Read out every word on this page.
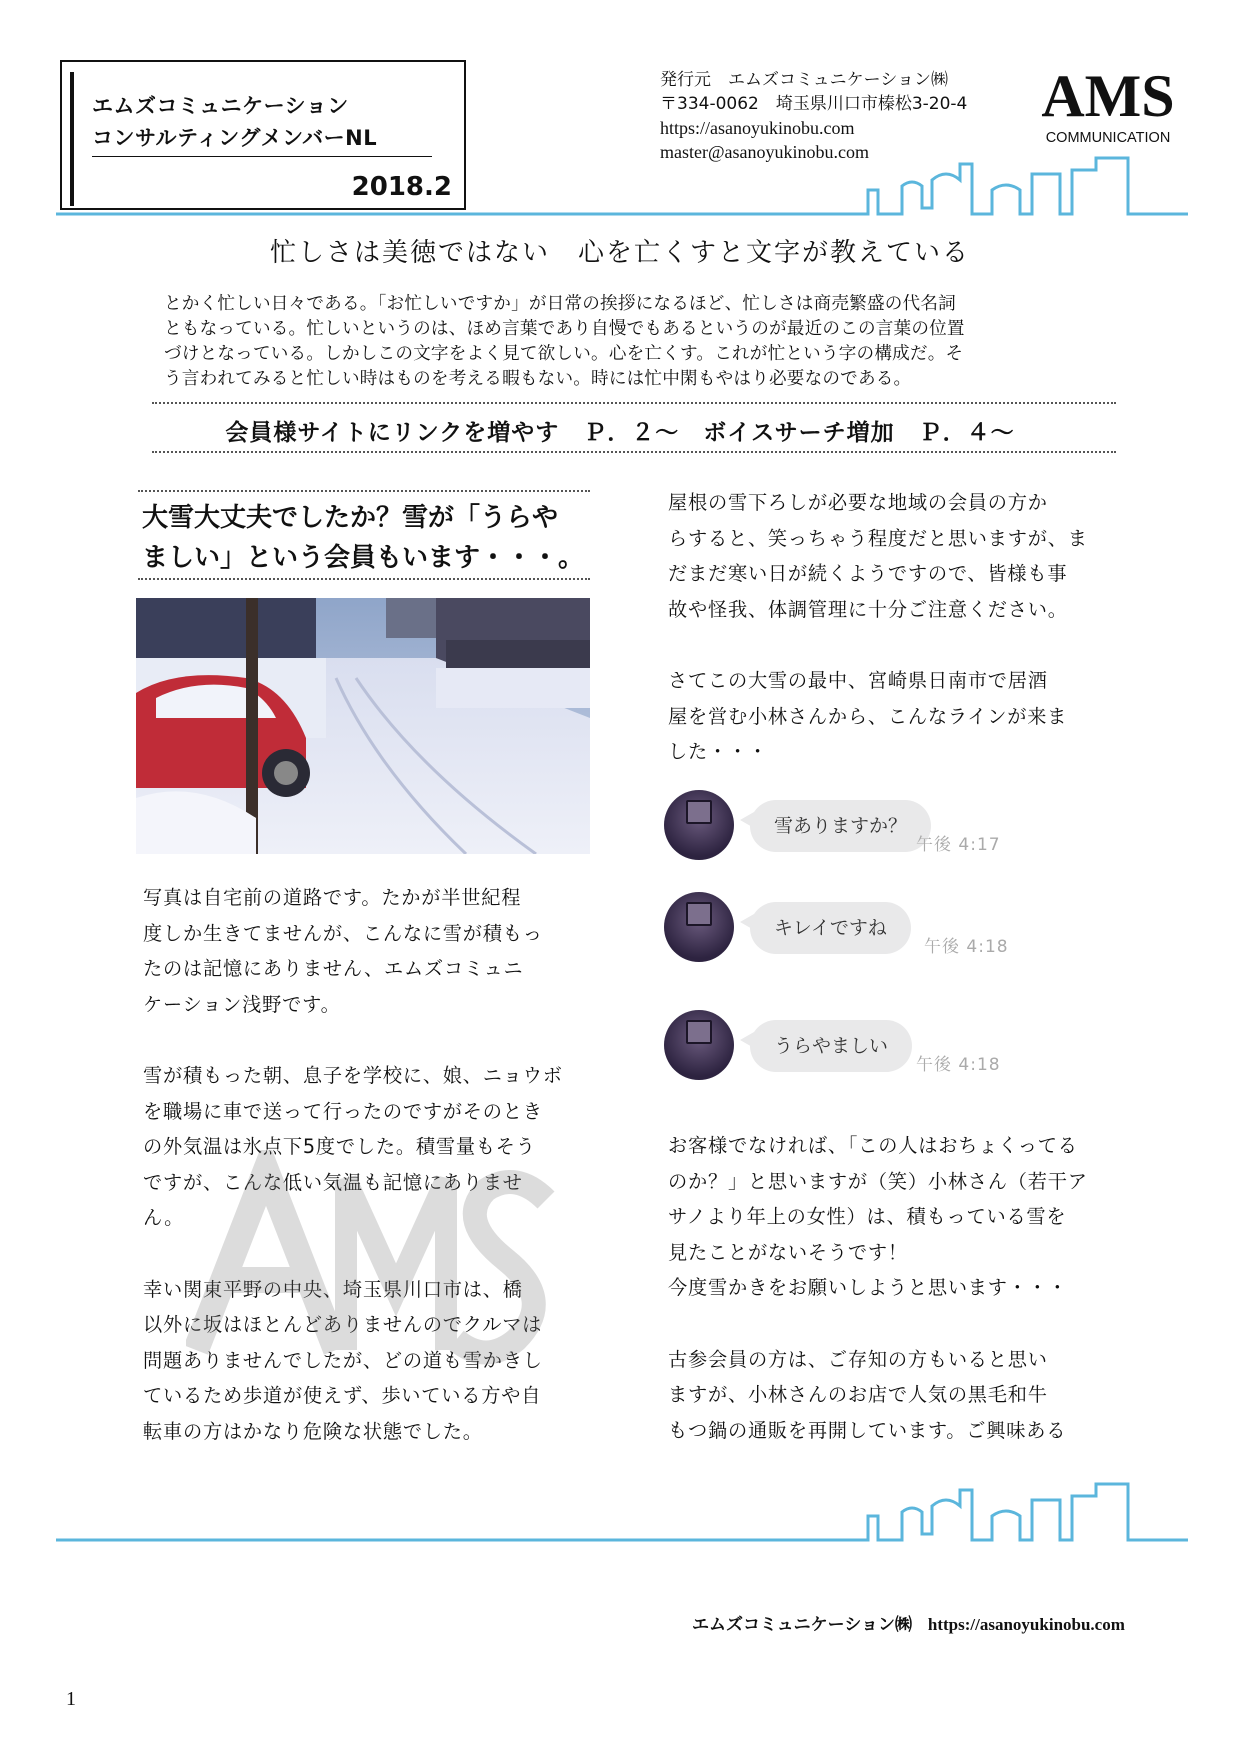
エムズコミュニケーション
コンサルティングメンバーNL
2018.2
発行元　エムズコミュニケーション㈱
〒334-0062　埼玉県川口市榛松3-20-4
https://asanoyukinobu.com
master@asanoyukinobu.com
AMS
COMMUNICATION
忙しさは美徳ではない　心を亡くすと文字が教えている
とかく忙しい日々である。「お忙しいですか」が日常の挨拶になるほど、忙しさは商売繁盛の代名詞
ともなっている。忙しいというのは、ほめ言葉であり自慢でもあるというのが最近のこの言葉の位置
づけとなっている。しかしこの文字をよく見て欲しい。心を亡くす。これが忙という字の構成だ。そ
う言われてみると忙しい時はものを考える暇もない。時には忙中閑もやはり必要なのである。
会員様サイトにリンクを増やす　Ｐ．２～　ボイスサーチ増加　Ｐ．４～
大雪大丈夫でしたか？雪が「うらや
ましい」という会員もいます・・・。
写真は自宅前の道路です。たかが半世紀程
度しか生きてませんが、こんなに雪が積もっ
たのは記憶にありません、エムズコミュニ
ケーション浅野です。
雪が積もった朝、息子を学校に、娘、ニョウボ
を職場に車で送って行ったのですがそのとき
の外気温は氷点下5度でした。積雪量もそう
ですが、こんな低い気温も記憶にありませ
ん。
幸い関東平野の中央、埼玉県川口市は、橋
以外に坂はほとんどありませんのでクルマは
問題ありませんでしたが、どの道も雪かきし
ているため歩道が使えず、歩いている方や自
転車の方はかなり危険な状態でした。
屋根の雪下ろしが必要な地域の会員の方か
らすると、笑っちゃう程度だと思いますが、ま
だまだ寒い日が続くようですので、皆様も事
故や怪我、体調管理に十分ご注意ください。
さてこの大雪の最中、宮崎県日南市で居酒
屋を営む小林さんから、こんなラインが来ま
した・・・
雪ありますか？
午後 4:17
キレイですね
午後 4:18
うらやましい
午後 4:18
お客様でなければ、「この人はおちょくってる
のか？」と思いますが（笑）小林さん（若干ア
サノより年上の女性）は、積もっている雪を
見たことがないそうです！
今度雪かきをお願いしようと思います・・・
古参会員の方は、ご存知の方もいると思い
ますが、小林さんのお店で人気の黒毛和牛
もつ鍋の通販を再開しています。ご興味ある
エムズコミュニケーション㈱ https://asanoyukinobu.com
1
